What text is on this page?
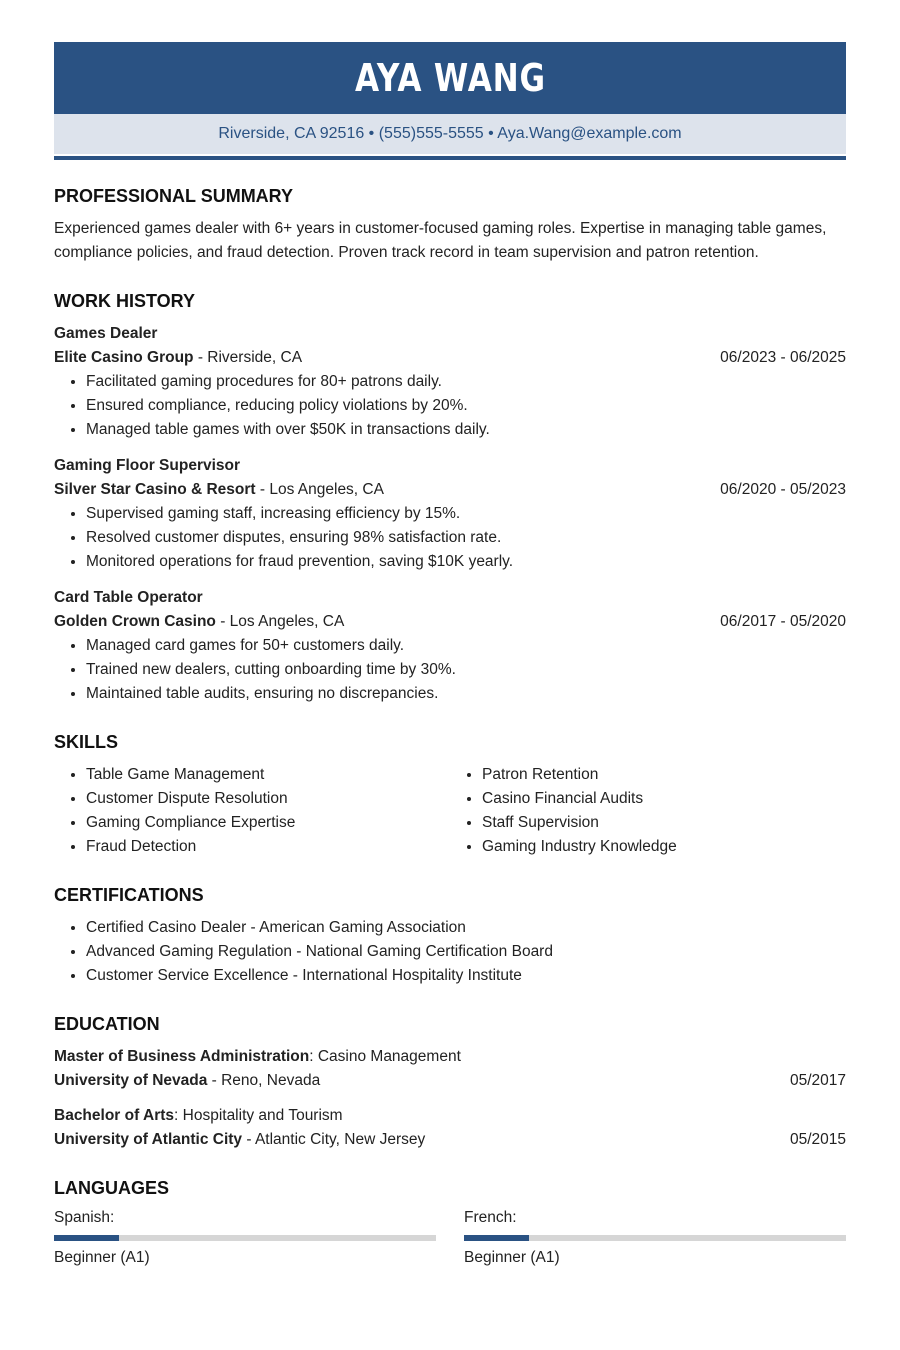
AYA WANG
Riverside, CA 92516 • (555)555-5555 • Aya.Wang@example.com
PROFESSIONAL SUMMARY
Experienced games dealer with 6+ years in customer-focused gaming roles. Expertise in managing table games, compliance policies, and fraud detection. Proven track record in team supervision and patron retention.
WORK HISTORY
Games Dealer
Elite Casino Group - Riverside, CA	06/2023 - 06/2025
• Facilitated gaming procedures for 80+ patrons daily.
• Ensured compliance, reducing policy violations by 20%.
• Managed table games with over $50K in transactions daily.
Gaming Floor Supervisor
Silver Star Casino & Resort - Los Angeles, CA	06/2020 - 05/2023
• Supervised gaming staff, increasing efficiency by 15%.
• Resolved customer disputes, ensuring 98% satisfaction rate.
• Monitored operations for fraud prevention, saving $10K yearly.
Card Table Operator
Golden Crown Casino - Los Angeles, CA	06/2017 - 05/2020
• Managed card games for 50+ customers daily.
• Trained new dealers, cutting onboarding time by 30%.
• Maintained table audits, ensuring no discrepancies.
SKILLS
• Table Game Management
• Customer Dispute Resolution
• Gaming Compliance Expertise
• Fraud Detection
• Patron Retention
• Casino Financial Audits
• Staff Supervision
• Gaming Industry Knowledge
CERTIFICATIONS
• Certified Casino Dealer - American Gaming Association
• Advanced Gaming Regulation - National Gaming Certification Board
• Customer Service Excellence - International Hospitality Institute
EDUCATION
Master of Business Administration: Casino Management
University of Nevada - Reno, Nevada	05/2017
Bachelor of Arts: Hospitality and Tourism
University of Atlantic City - Atlantic City, New Jersey	05/2015
LANGUAGES
Spanish:
Beginner (A1)
French:
Beginner (A1)
